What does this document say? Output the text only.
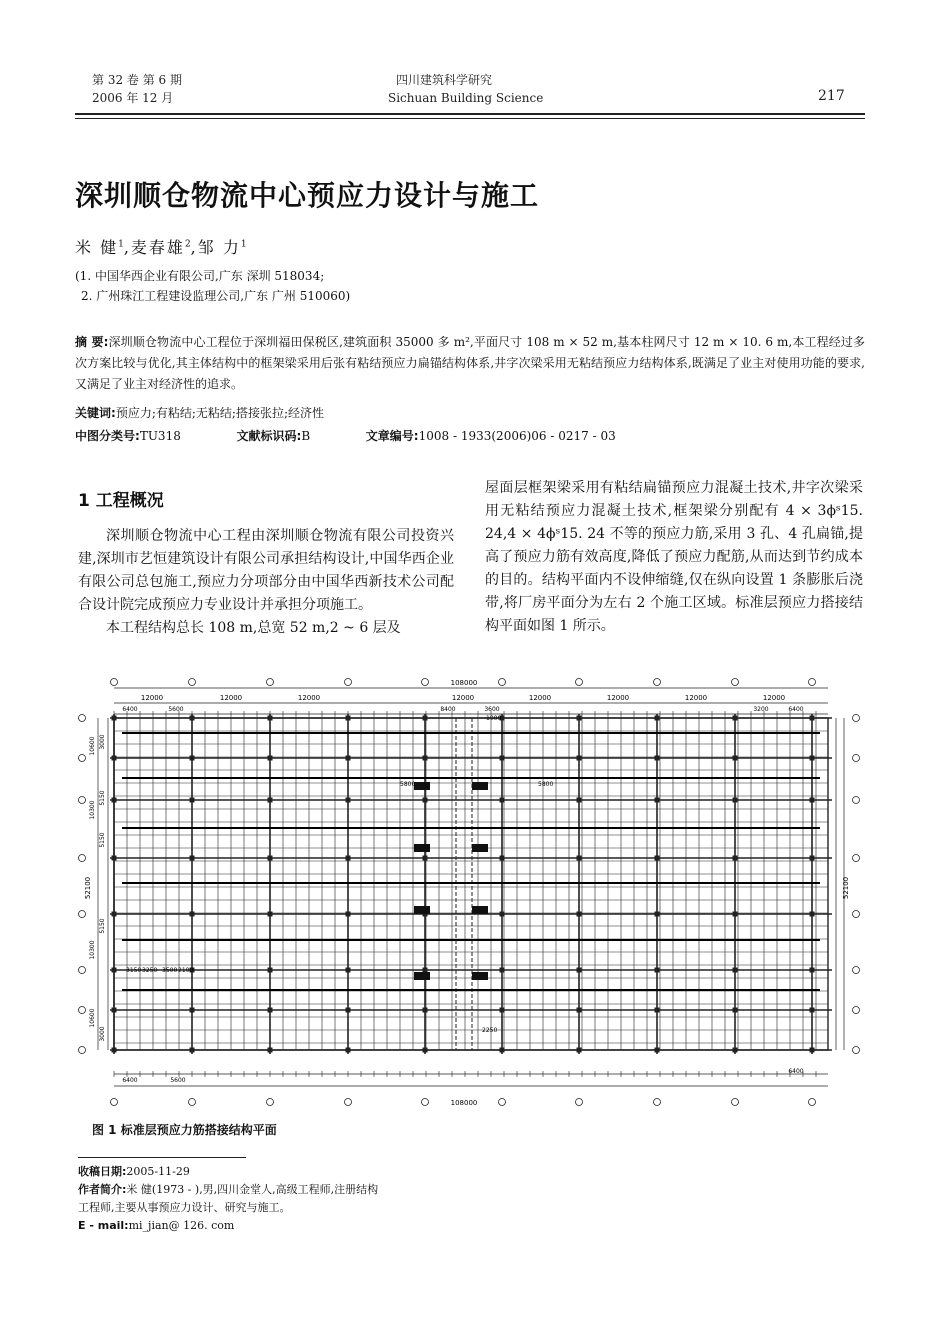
第 32 卷 第 6 期
2006 年 12 月
四川建筑科学研究
Sichuan Building Science	217
深圳顺仓物流中心预应力设计与施工
米 健$^1$,麦春雄$^2$,邹 力$^1$
(1. 中国华西企业有限公司,广东 深圳 518034;
2. 广州珠江工程建设监理公司,广东 广州 510060)
摘 要:深圳顺仓物流中心工程位于深圳福田保税区,建筑面积 35000 多 m²,平面尺寸 108 m × 52 m,基本柱网尺寸 12 m × 10. 6 m,本工程经过多次方案比较与优化,其主体结构中的框架梁采用后张有粘结预应力扁锚结构体系,井字次梁采用无粘结预应力结构体系,既满足了业主对使用功能的要求,又满足了业主对经济性的追求。
关键词:预应力;有粘结;无粘结;搭接张拉;经济性
中图分类号:TU318	文献标识码:B	文章编号:1008 - 1933(2006)06 - 0217 - 03
1 工程概况

深圳顺仓物流中心工程由深圳顺仓物流有限公司投资兴建,深圳市艺恒建筑设计有限公司承担结构设计,中国华西企业有限公司总包施工,预应力分项部分由中国华西新技术公司配合设计院完成预应力专业设计并承担分项施工。

本工程结构总长 108 m,总宽 52 m,2 ~ 6 层及

屋面层框架梁采用有粘结扁锚预应力混凝土技术,井字次梁采用无粘结预应力混凝土技术,框架梁分别配有 4 × 3ϕˢ15. 24,4 × 4ϕˢ15. 24 不等的预应力筋,采用 3 孔、4 孔扁锚,提高了预应力筋有效高度,降低了预应力配筋,从而达到节约成本的目的。结构平面内不设伸缩缝,仅在纵向设置 1 条膨胀后浇带,将厂房平面分为左右 2 个施工区域。标准层预应力搭接结构平面如图 1 所示。

108000
108000
12000
12000	12000	12000	12000	12000	12000	12000
6400	5600	8400	3600	3200	6400
6400	5600
6400
52100	52100
10600
10300
10300
10600
5150
5150
5150
3000
3000
3150 3250 3500 2100
5800	5800
1000
2250
图 1 标准层预应力筋搭接结构平面
收稿日期:2005-11-29
作者简介:米 健(1973 - ),男,四川金堂人,高级工程师,注册结构
工程师,主要从事预应力设计、研究与施工。
E - mail:mi_jian@ 126. com
